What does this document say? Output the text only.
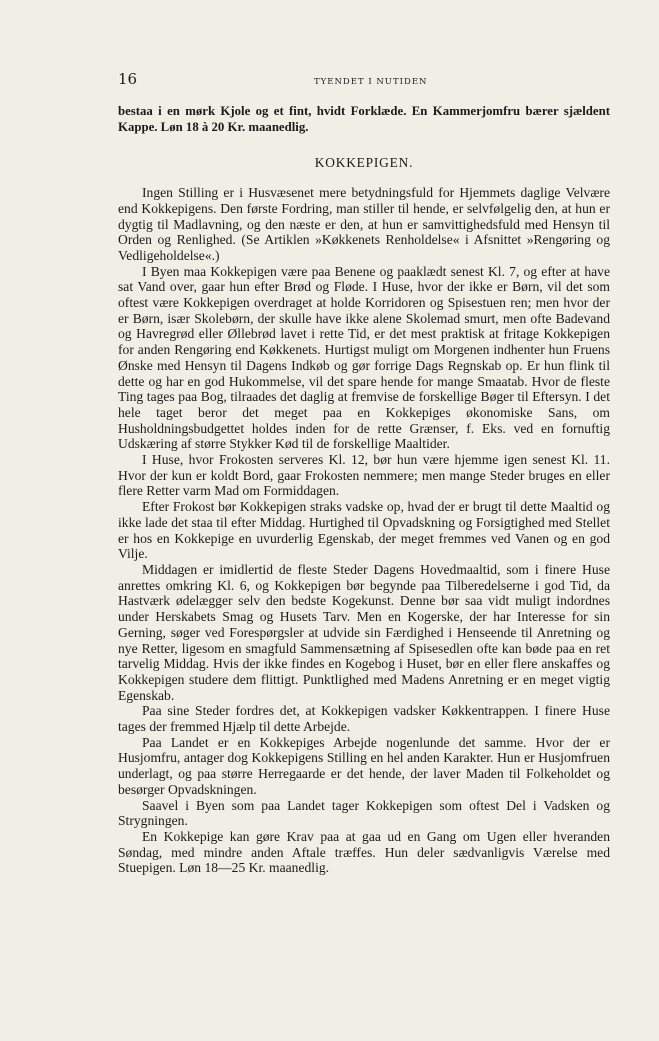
16	TYENDET I NUTIDEN

bestaa i en mørk Kjole og et fint, hvidt Forklæde. En Kammerjomfru bærer sjældent Kappe. Løn 18 à 20 Kr. maanedlig.

KOKKEPIGEN.

Ingen Stilling er i Husvæsenet mere betydningsfuld for Hjemmets daglige Velvære end Kokkepigens. Den første Fordring, man stiller til hende, er selvfølgelig den, at hun er dygtig til Madlavning, og den næste er den, at hun er samvittighedsfuld med Hensyn til Orden og Renlighed. (Se Artiklen »Køkkenets Renholdelse« i Afsnittet »Rengøring og Vedligeholdelse«.)

I Byen maa Kokkepigen være paa Benene og paaklædt senest Kl. 7, og efter at have sat Vand over, gaar hun efter Brød og Fløde. I Huse, hvor der ikke er Børn, vil det som oftest være Kokkepigen overdraget at holde Korridoren og Spisestuen ren; men hvor der er Børn, især Skolebørn, der skulle have ikke alene Skolemad smurt, men ofte Badevand og Havregrød eller Øllebrød lavet i rette Tid, er det mest praktisk at fritage Kokkepigen for anden Rengøring end Køkkenets. Hurtigst muligt om Morgenen indhenter hun Fruens Ønske med Hensyn til Dagens Indkøb og gør forrige Dags Regnskab op. Er hun flink til dette og har en god Hukommelse, vil det spare hende for mange Smaatab. Hvor de fleste Ting tages paa Bog, tilraades det daglig at fremvise de forskellige Bøger til Eftersyn. I det hele taget beror det meget paa en Kokkepiges økonomiske Sans, om Husholdningsbudgettet holdes inden for de rette Grænser, f. Eks. ved en fornuftig Udskæring af større Stykker Kød til de forskellige Maaltider.

I Huse, hvor Frokosten serveres Kl. 12, bør hun være hjemme igen senest Kl. 11. Hvor der kun er koldt Bord, gaar Frokosten nemmere; men mange Steder bruges en eller flere Retter varm Mad om Formiddagen.

Efter Frokost bør Kokkepigen straks vadske op, hvad der er brugt til dette Maaltid og ikke lade det staa til efter Middag. Hurtighed til Opvadskning og Forsigtighed med Stellet er hos en Kokkepige en uvurderlig Egenskab, der meget fremmes ved Vanen og en god Vilje.

Middagen er imidlertid de fleste Steder Dagens Hovedmaaltid, som i finere Huse anrettes omkring Kl. 6, og Kokkepigen bør begynde paa Tilberedelserne i god Tid, da Hastværk ødelægger selv den bedste Kogekunst. Denne bør saa vidt muligt indordnes under Herskabets Smag og Husets Tarv. Men en Kogerske, der har Interesse for sin Gerning, søger ved Forespørgsler at udvide sin Færdighed i Henseende til Anretning og nye Retter, ligesom en smagfuld Sammensætning af Spisesedlen ofte kan bøde paa en ret tarvelig Middag. Hvis der ikke findes en Kogebog i Huset, bør en eller flere anskaffes og Kokkepigen studere dem flittigt. Punktlighed med Madens Anretning er en meget vigtig Egenskab.

Paa sine Steder fordres det, at Kokkepigen vadsker Køkkentrappen. I finere Huse tages der fremmed Hjælp til dette Arbejde.

Paa Landet er en Kokkepiges Arbejde nogenlunde det samme. Hvor der er Husjomfru, antager dog Kokkepigens Stilling en hel anden Karakter. Hun er Husjomfruen underlagt, og paa større Herregaarde er det hende, der laver Maden til Folkeholdet og besørger Opvadskningen.

Saavel i Byen som paa Landet tager Kokkepigen som oftest Del i Vadsken og Strygningen.

En Kokkepige kan gøre Krav paa at gaa ud en Gang om Ugen eller hveranden Søndag, med mindre anden Aftale træffes. Hun deler sædvanligvis Værelse med Stuepigen. Løn 18—25 Kr. maanedlig.
